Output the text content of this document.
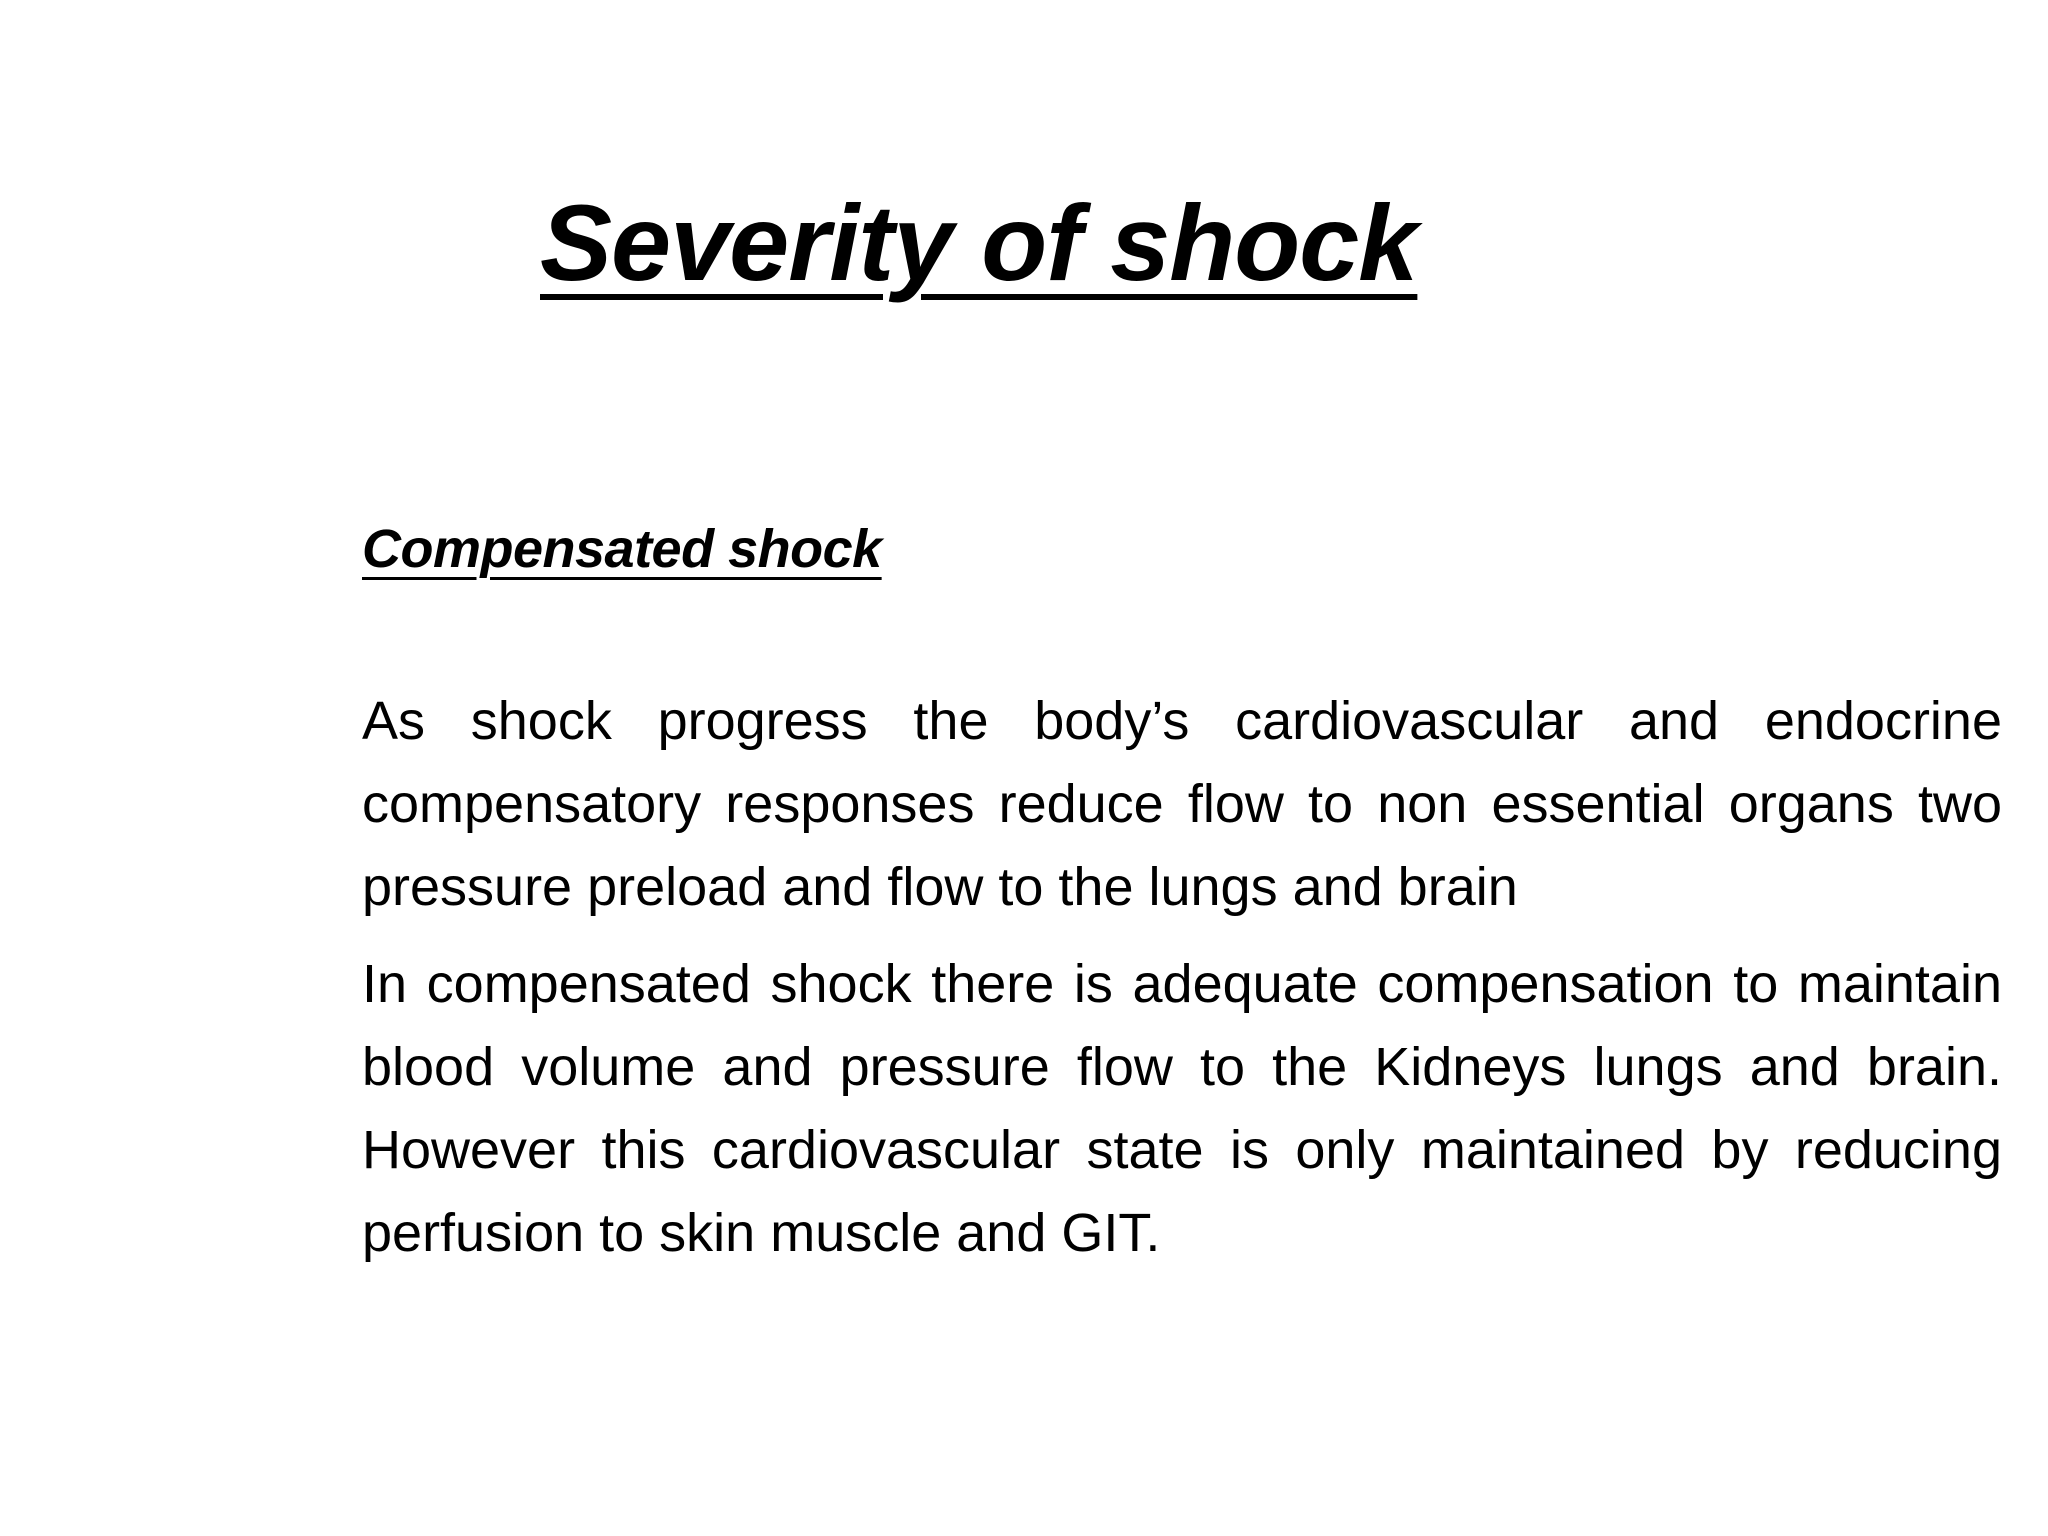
Severity of shock
Compensated shock

As shock progress the body’s cardiovascular and endocrine compensatory responses reduce flow to non essential organs two pressure preload and flow to the lungs and brain

In compensated shock there is adequate compensation to maintain blood volume and pressure flow to the Kidneys lungs and brain. However this cardiovascular state is only maintained by reducing perfusion to skin muscle and GIT.
